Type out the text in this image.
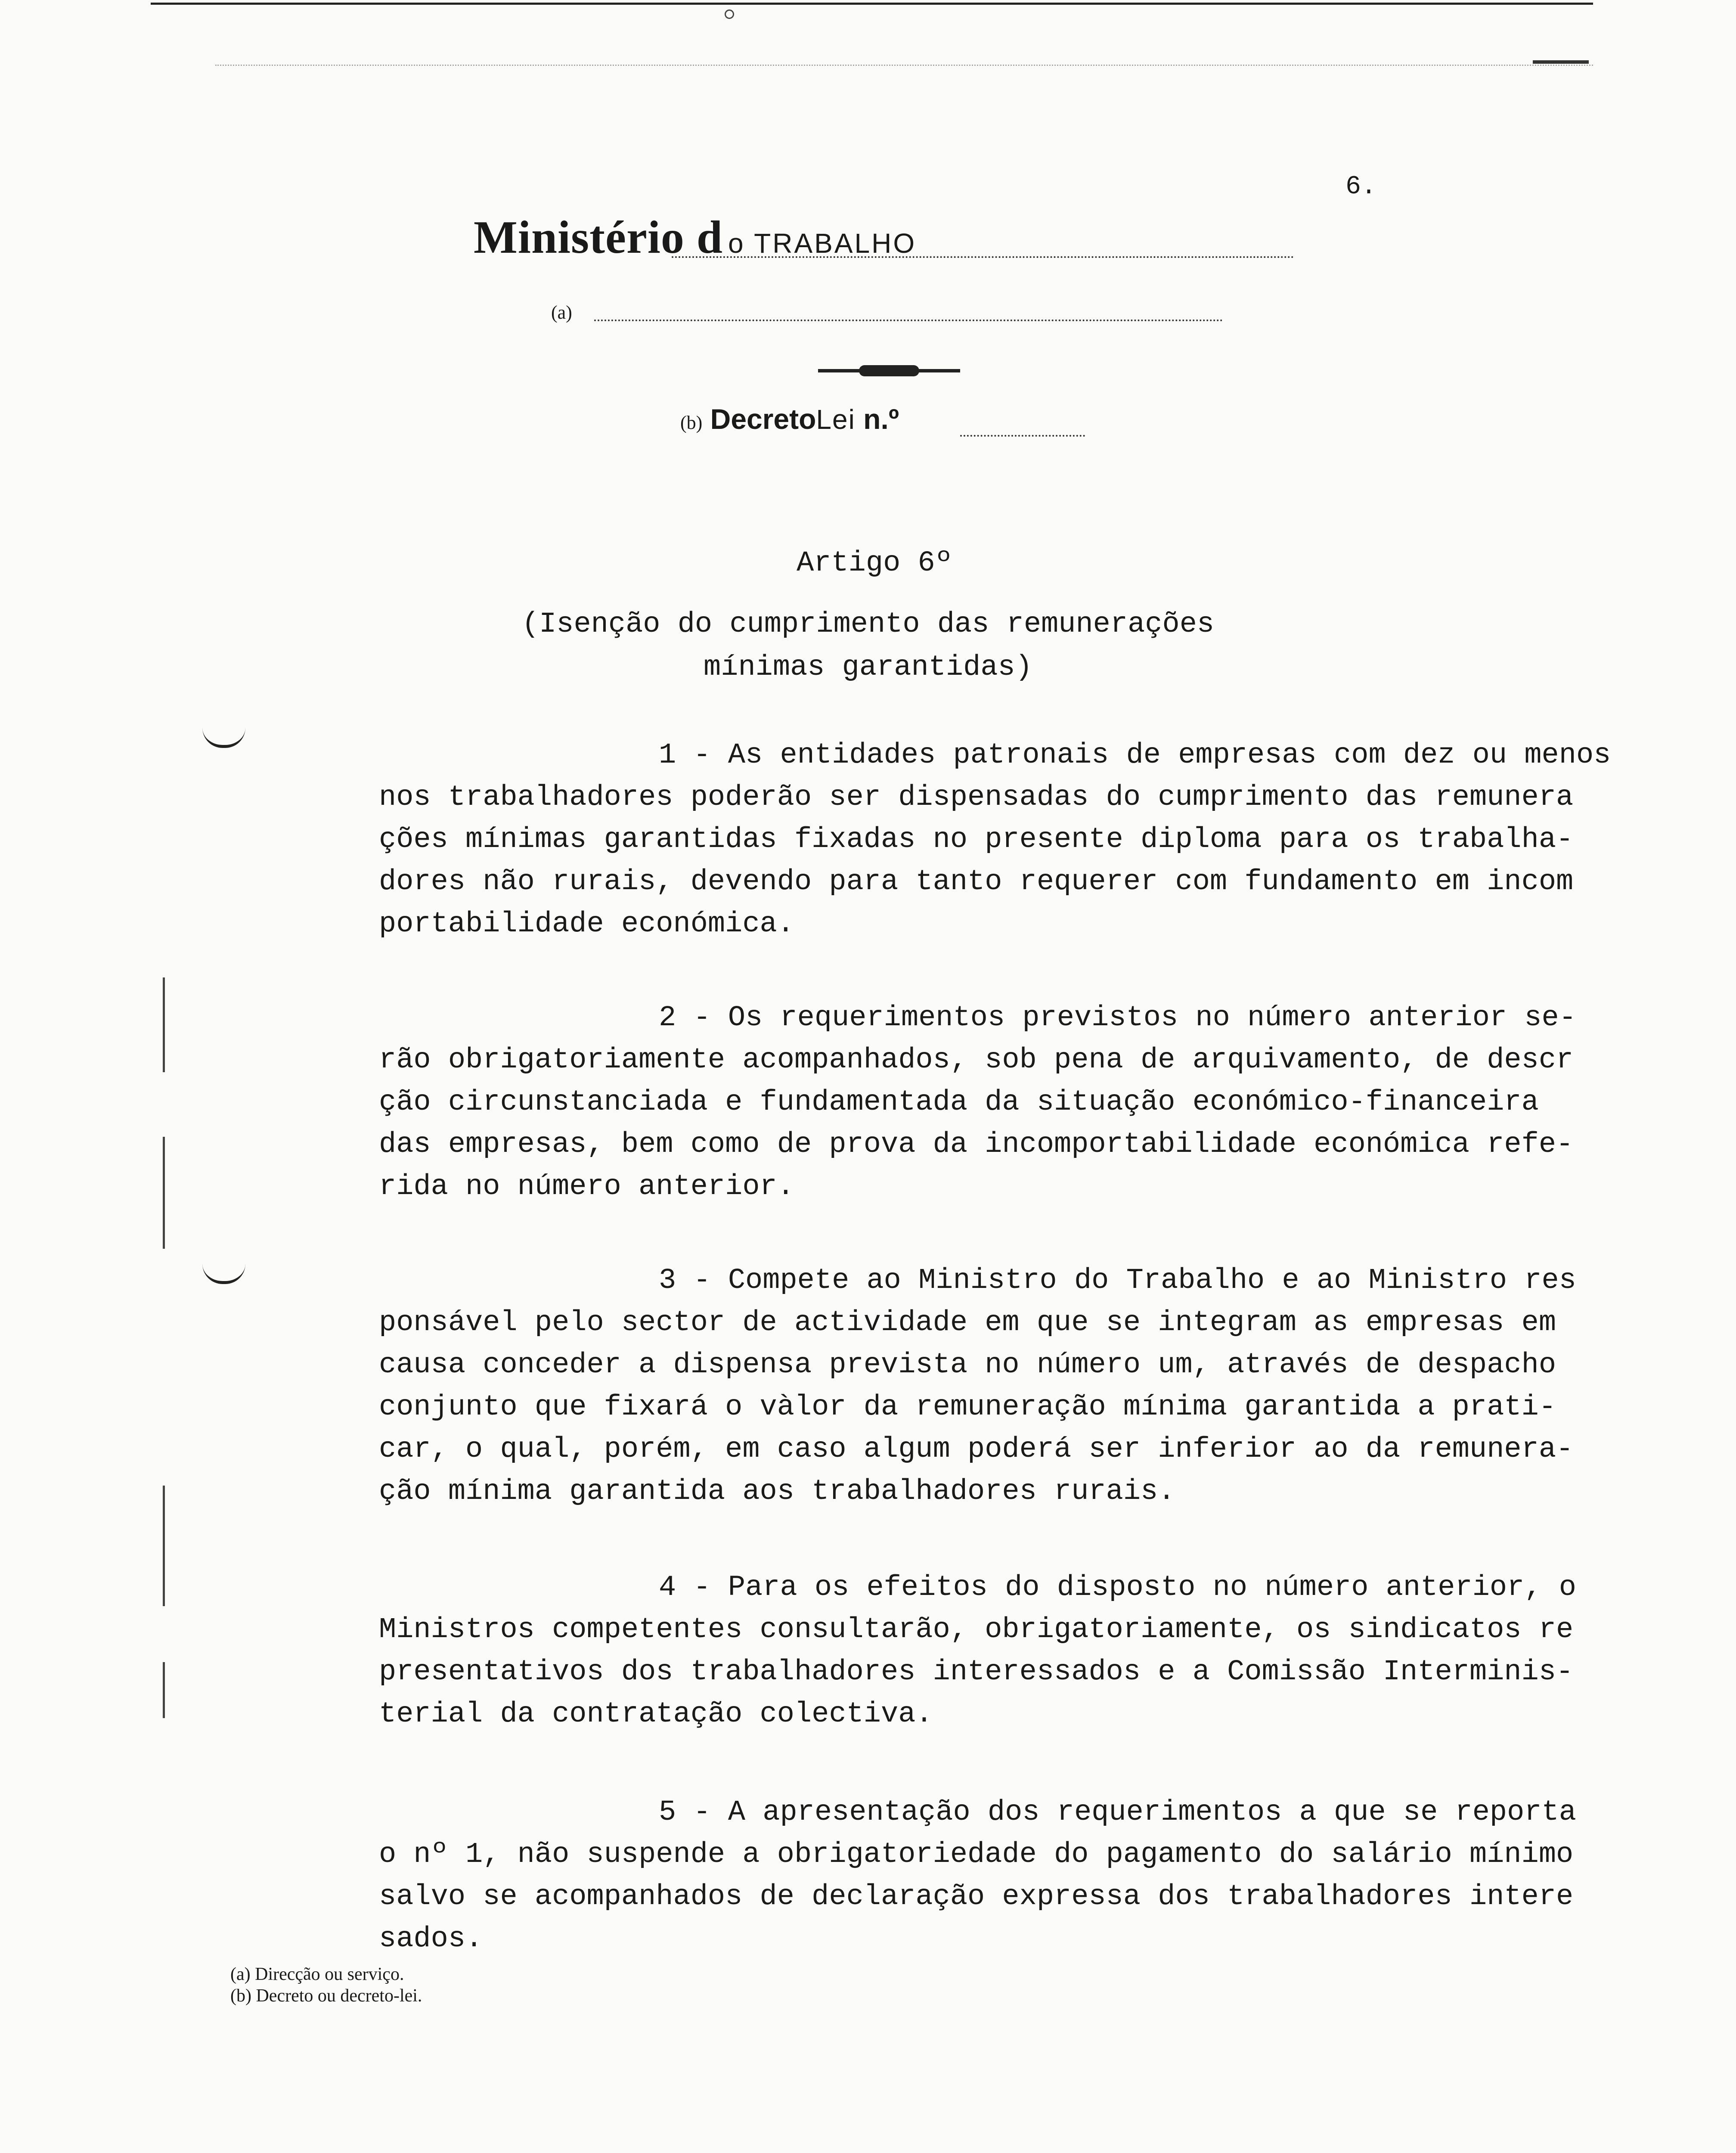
6.
Ministério d o TRABALHO
(a)
(b) DecretoLei n.º
Artigo 6º
(Isenção do cumprimento das remunerações
mínimas garantidas)

1 - As entidades patronais de empresas com dez ou menos
nos trabalhadores poderão ser dispensadas do cumprimento das remunera
ções mínimas garantidas fixadas no presente diploma para os trabalha-
dores não rurais, devendo para tanto requerer com fundamento em incom
portabilidade económica.

2 - Os requerimentos previstos no número anterior se-
rão obrigatoriamente acompanhados, sob pena de arquivamento, de descr
ção circunstanciada e fundamentada da situação económico-financeira
das empresas, bem como de prova da incomportabilidade económica refe-
rida no número anterior.

3 - Compete ao Ministro do Trabalho e ao Ministro res
ponsável pelo sector de actividade em que se integram as empresas em
causa conceder a dispensa prevista no número um, através de despacho
conjunto que fixará o vàlor da remuneração mínima garantida a prati-
car, o qual, porém, em caso algum poderá ser inferior ao da remunera-
ção mínima garantida aos trabalhadores rurais.

4 - Para os efeitos do disposto no número anterior, o
Ministros competentes consultarão, obrigatoriamente, os sindicatos re
presentativos dos trabalhadores interessados e a Comissão Interminis-
terial da contratação colectiva.

5 - A apresentação dos requerimentos a que se reporta
o nº 1, não suspende a obrigatoriedade do pagamento do salário mínimo
salvo se acompanhados de declaração expressa dos trabalhadores intere
sados.

(a) Direcção ou serviço.
(b) Decreto ou decreto-lei.
